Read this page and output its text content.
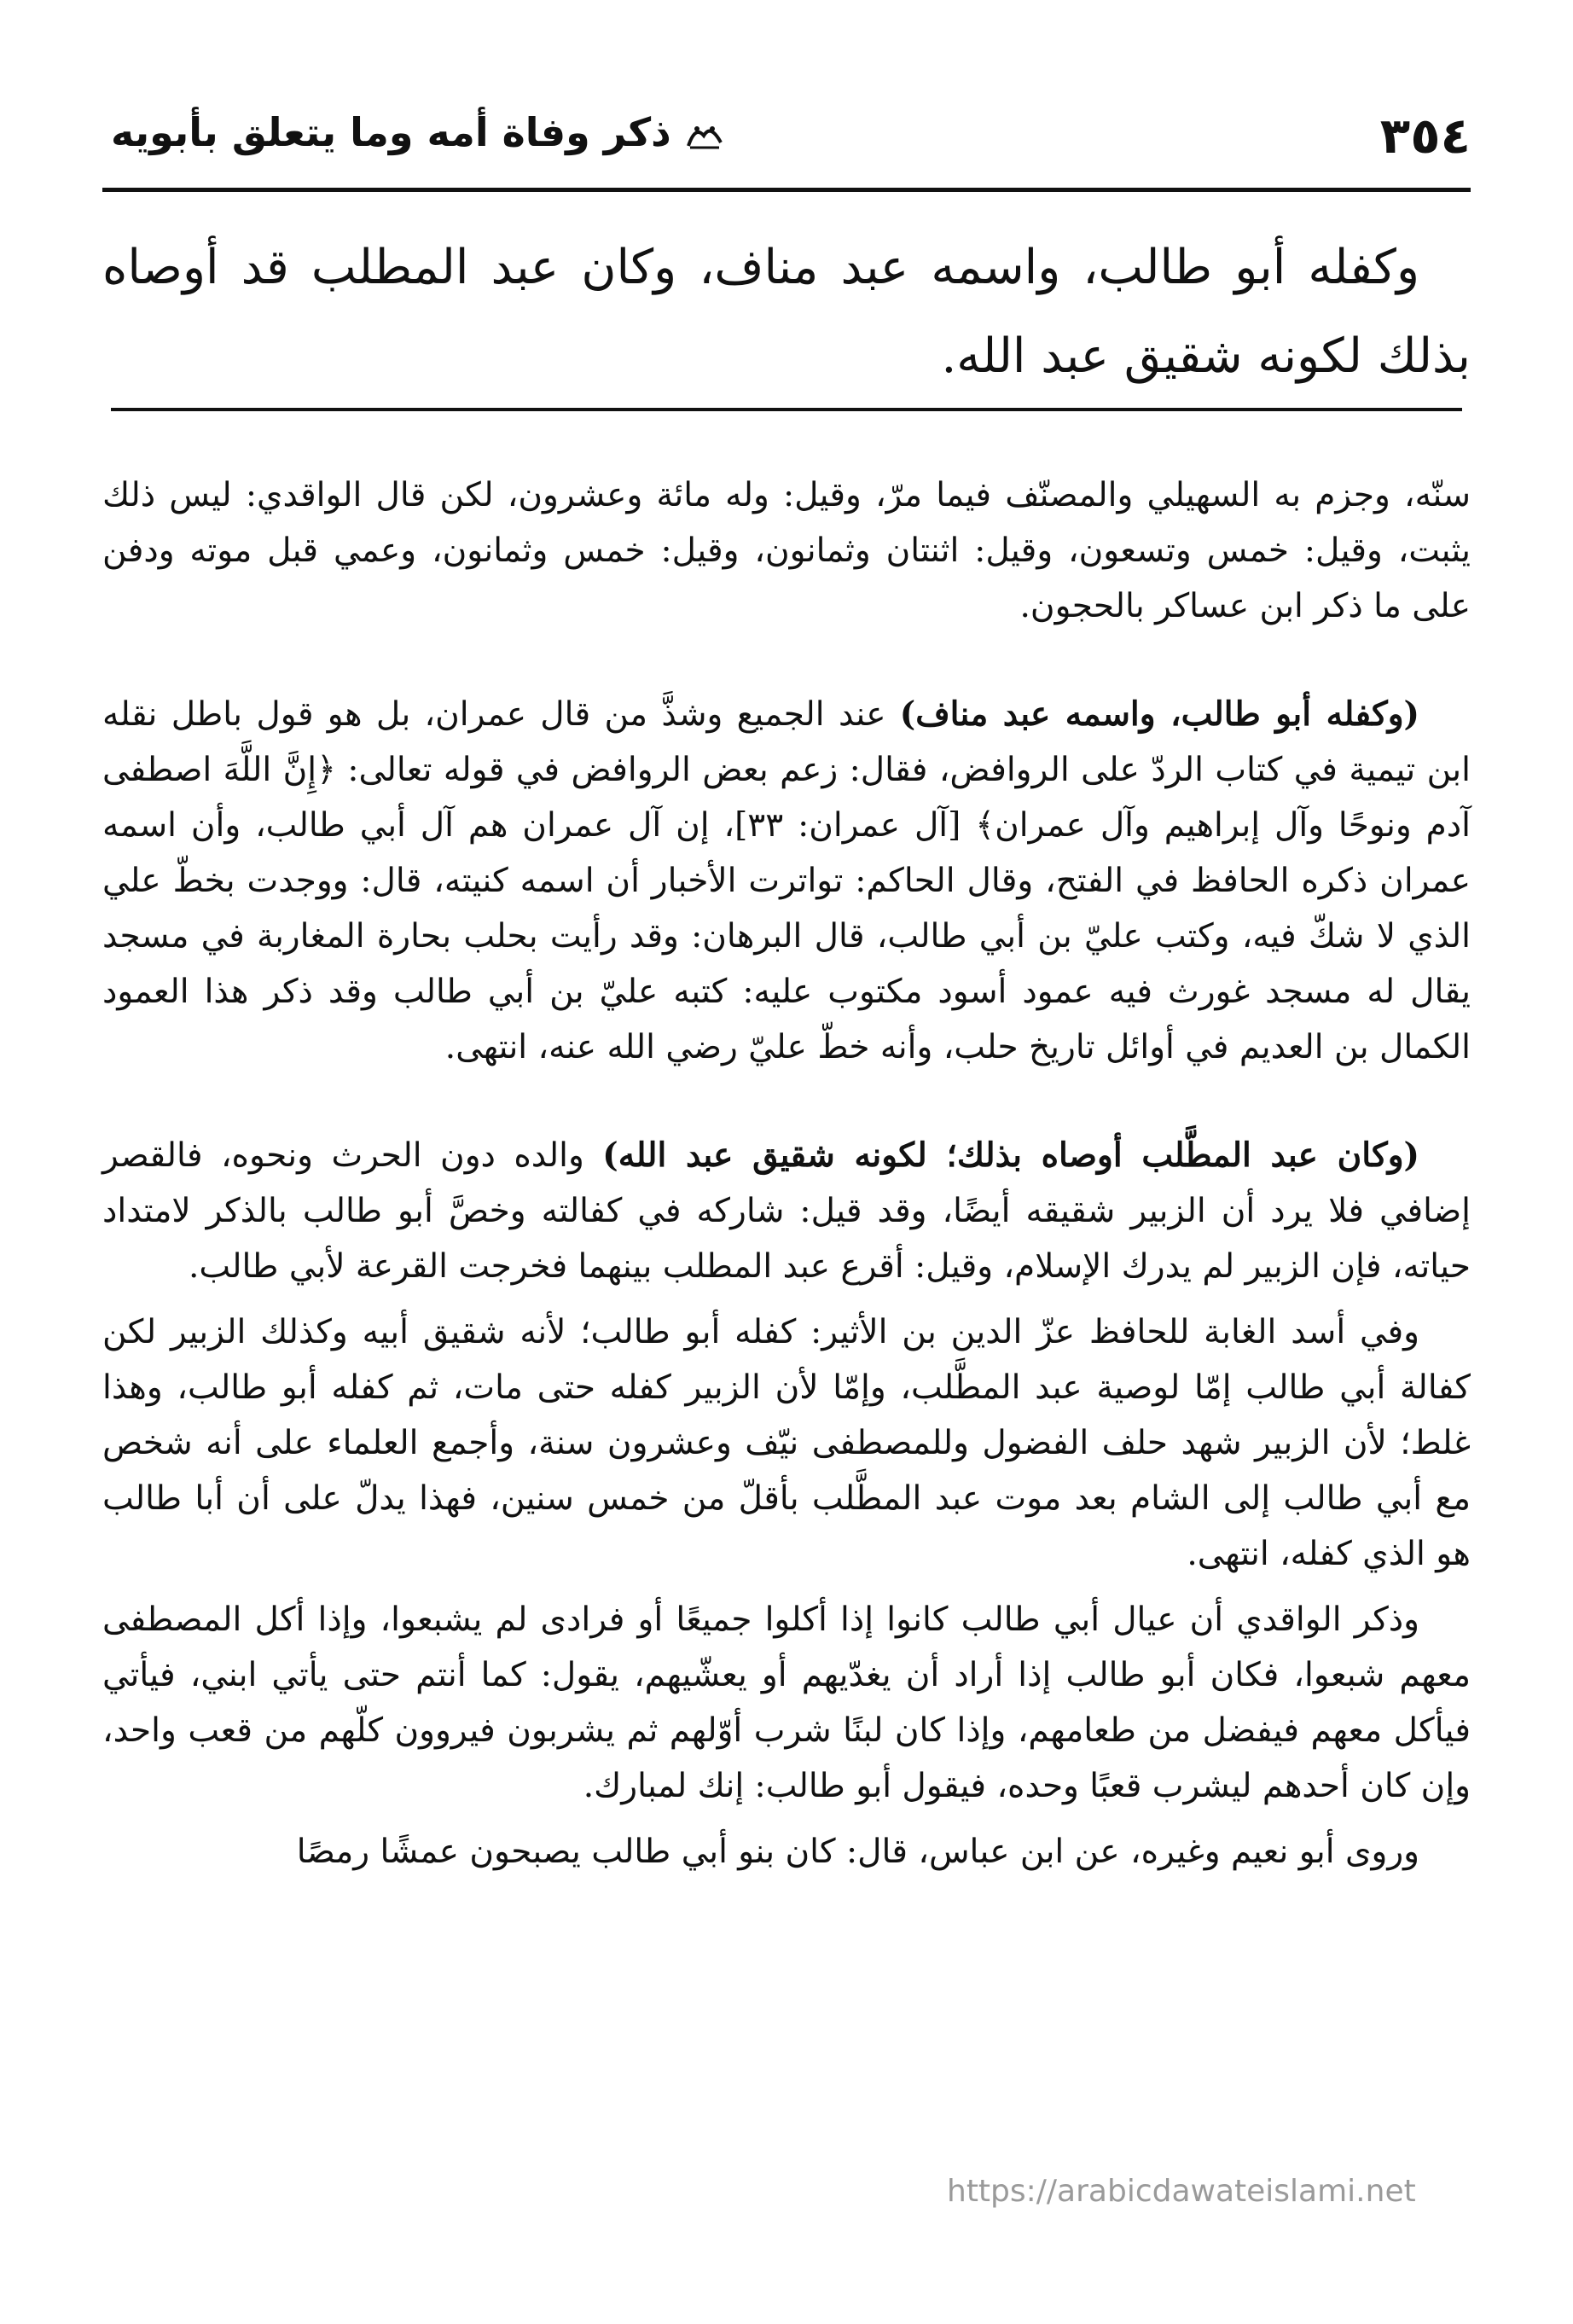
٣٥٤
ذكر وفاة أمه وما يتعلق بأبويه

وكفله أبو طالب، واسمه عبد مناف، وكان عبد المطلب قد أوصاه بذلك لكونه شقيق عبد الله.

سنّه، وجزم به السهيلي والمصنّف فيما مرّ، وقيل: وله مائة وعشرون، لكن قال الواقدي: ليس ذلك يثبت، وقيل: خمس وتسعون، وقيل: اثنتان وثمانون، وقيل: خمس وثمانون، وعمي قبل موته ودفن على ما ذكر ابن عساكر بالحجون.

(وكفله أبو طالب، واسمه عبد مناف) عند الجميع وشذَّ من قال عمران، بل هو قول باطل نقله ابن تيمية في كتاب الردّ على الروافض، فقال: زعم بعض الروافض في قوله تعالى: ﴿إِنَّ اللَّهَ اصطفى آدم ونوحًا وآل إبراهيم وآل عمران﴾ [آل عمران: ٣٣]، إن آل عمران هم آل أبي طالب، وأن اسمه عمران ذكره الحافظ في الفتح، وقال الحاكم: تواترت الأخبار أن اسمه كنيته، قال: ووجدت بخطّ علي الذي لا شكّ فيه، وكتب عليّ بن أبي طالب، قال البرهان: وقد رأيت بحلب بحارة المغاربة في مسجد يقال له مسجد غورث فيه عمود أسود مكتوب عليه: كتبه عليّ بن أبي طالب وقد ذكر هذا العمود الكمال بن العديم في أوائل تاريخ حلب، وأنه خطّ عليّ رضي الله عنه، انتهى.

(وكان عبد المطَّلب أوصاه بذلك؛ لكونه شقيق عبد الله) والده دون الحرث ونحوه، فالقصر إضافي فلا يرد أن الزبير شقيقه أيضًا، وقد قيل: شاركه في كفالته وخصَّ أبو طالب بالذكر لامتداد حياته، فإن الزبير لم يدرك الإسلام، وقيل: أقرع عبد المطلب بينهما فخرجت القرعة لأبي طالب.

وفي أسد الغابة للحافظ عزّ الدين بن الأثير: كفله أبو طالب؛ لأنه شقيق أبيه وكذلك الزبير لكن كفالة أبي طالب إمّا لوصية عبد المطَّلب، وإمّا لأن الزبير كفله حتى مات، ثم كفله أبو طالب، وهذا غلط؛ لأن الزبير شهد حلف الفضول وللمصطفى نيّف وعشرون سنة، وأجمع العلماء على أنه شخص مع أبي طالب إلى الشام بعد موت عبد المطَّلب بأقلّ من خمس سنين، فهذا يدلّ على أن أبا طالب هو الذي كفله، انتهى.

وذكر الواقدي أن عيال أبي طالب كانوا إذا أكلوا جميعًا أو فرادى لم يشبعوا، وإذا أكل المصطفى معهم شبعوا، فكان أبو طالب إذا أراد أن يغدّيهم أو يعشّيهم، يقول: كما أنتم حتى يأتي ابني، فيأتي فيأكل معهم فيفضل من طعامهم، وإذا كان لبنًا شرب أوّلهم ثم يشربون فيروون كلّهم من قعب واحد، وإن كان أحدهم ليشرب قعبًا وحده، فيقول أبو طالب: إنك لمبارك.

وروى أبو نعيم وغيره، عن ابن عباس، قال: كان بنو أبي طالب يصبحون عمشًا رمصًا

https://arabicdawateislami.net
